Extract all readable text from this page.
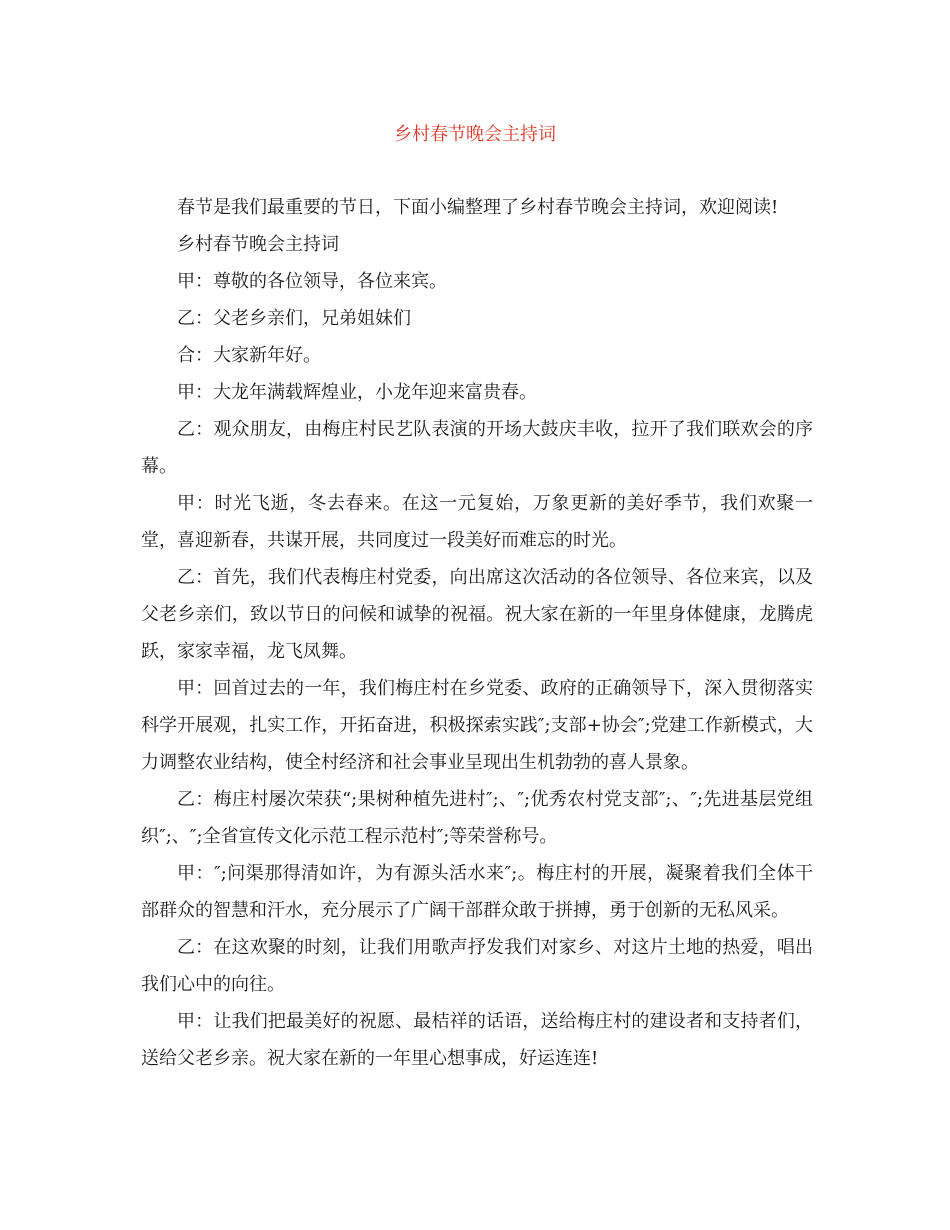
乡村春节晚会主持词

春节是我们最重要的节日，下面小编整理了乡村春节晚会主持词，欢迎阅读!

乡村春节晚会主持词

甲：尊敬的各位领导，各位来宾。

乙：父老乡亲们，兄弟姐妹们

合：大家新年好。

甲：大龙年满载辉煌业，小龙年迎来富贵春。

乙：观众朋友，由梅庄村民艺队表演的开场大鼓庆丰收，拉开了我们联欢会的序幕。

甲：时光飞逝，冬去春来。在这一元复始，万象更新的美好季节，我们欢聚一堂，喜迎新春，共谋开展，共同度过一段美好而难忘的时光。

乙：首先，我们代表梅庄村党委，向出席这次活动的各位领导、各位来宾，以及父老乡亲们，致以节日的问候和诚挚的祝福。祝大家在新的一年里身体健康，龙腾虎跃，家家幸福，龙飞凤舞。

甲：回首过去的一年，我们梅庄村在乡党委、政府的正确领导下，深入贯彻落实科学开展观，扎实工作，开拓奋进，积极探索实践″;支部+协会″;党建工作新模式，大力调整农业结构，使全村经济和社会事业呈现出生机勃勃的喜人景象。

乙：梅庄村屡次荣获“;果树种植先进村″;、″;优秀农村党支部″;、″;先进基层党组织″;、″;全省宣传文化示范工程示范村″;等荣誉称号。

甲：″;问渠那得清如许，为有源头活水来″;。梅庄村的开展，凝聚着我们全体干部群众的智慧和汗水，充分展示了广阔干部群众敢于拼搏，勇于创新的无私风采。

乙：在这欢聚的时刻，让我们用歌声抒发我们对家乡、对这片土地的热爱，唱出我们心中的向往。

甲：让我们把最美好的祝愿、最桔祥的话语，送给梅庄村的建设者和支持者们，送给父老乡亲。祝大家在新的一年里心想事成，好运连连!
